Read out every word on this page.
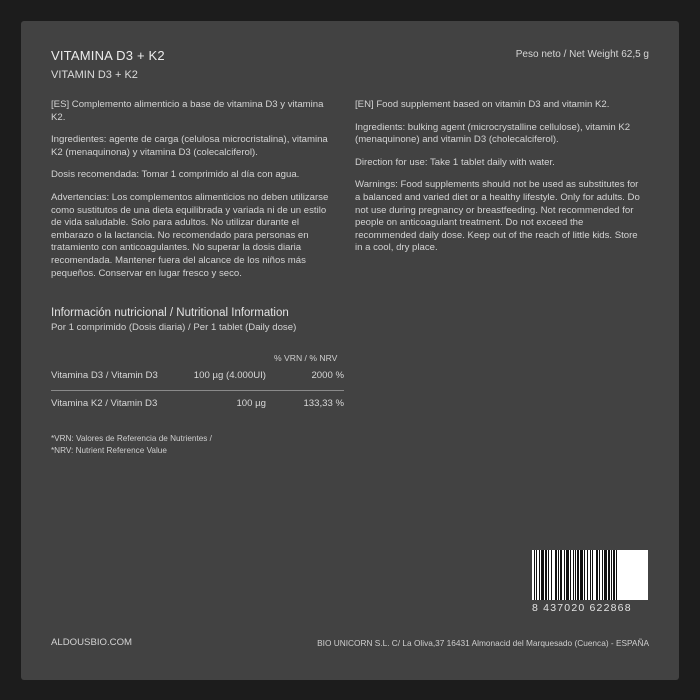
VITAMINA D3 + K2

VITAMIN D3 + K2

Peso neto / Net Weight 62,5 g

[ES] Complemento alimenticio a base de vitamina D3 y vitamina K2.

Ingredientes: agente de carga (celulosa microcristalina), vitamina K2 (menaquinona) y vitamina D3 (colecalciferol).

Dosis recomendada: Tomar 1 comprimido al día con agua.

Advertencias: Los complementos alimenticios no deben utilizarse como sustitutos de una dieta equilibrada y variada ni de un estilo de vida saludable. Solo para adultos. No utilizar durante el embarazo o la lactancia. No recomendado para personas en tratamiento con anticoagulantes. No superar la dosis diaria recomendada. Mantener fuera del alcance de los niños más pequeños. Conservar en lugar fresco y seco.

[EN] Food supplement based on vitamin D3 and vitamin K2.

Ingredients: bulking agent (microcrystalline cellulose), vitamin K2 (menaquinone) and vitamin D3 (cholecalciferol).

Direction for use: Take 1 tablet daily with water.

Warnings: Food supplements should not be used as substitutes for a balanced and varied diet or a healthy lifestyle. Only for adults. Do not use during pregnancy or breastfeeding. Not recommended for people on anticoagulant treatment. Do not exceed the recommended daily dose. Keep out of the reach of little kids. Store in a cool, dry place.

Información nutricional / Nutritional Information

Por 1 comprimido (Dosis diaria) / Per 1 tablet (Daily dose)

% VRN / % NRV

Vitamina D3 / Vitamin D3	100 µg (4.000UI)	2000 %
Vitamina K2 / Vitamin D3	100 µg	133,33 %

*VRN: Valores de Referencia de Nutrientes /

*NRV: Nutrient Reference Value

8 437020 622868

ALDOUSBIO.COM	BIO UNICORN S.L. C/ La Oliva,37 16431 Almonacid del Marquesado (Cuenca) - ESPAÑA
